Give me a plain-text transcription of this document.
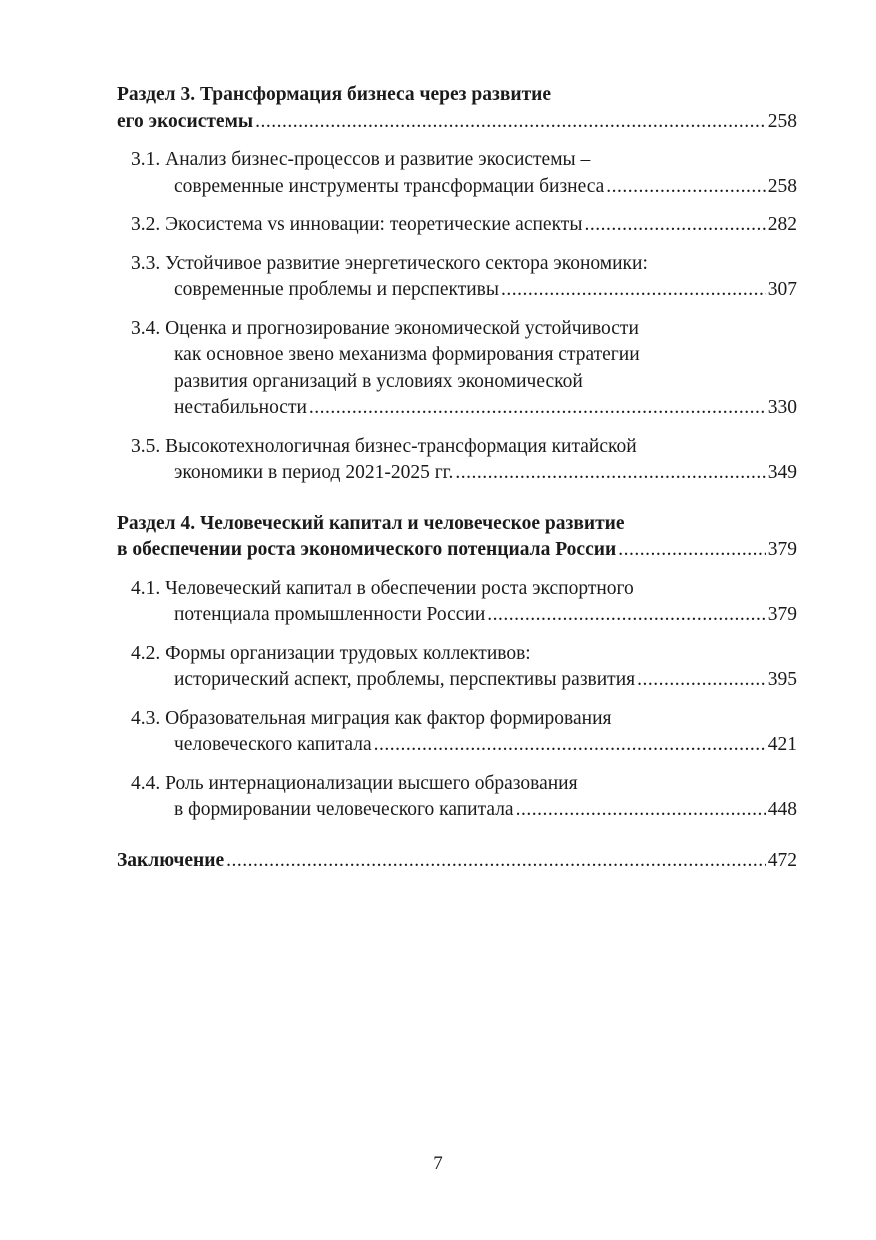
Раздел 3. Трансформация бизнеса через развитие
его экосистемы .....	258
3.1. Анализ бизнес-процессов и развитие экосистемы –
современные инструменты трансформации бизнеса .....	258
3.2. Экосистема vs инновации: теоретические аспекты .....	282
3.3. Устойчивое развитие энергетического сектора экономики:
современные проблемы и перспективы .....	307
3.4. Оценка и прогнозирование экономической устойчивости
как основное звено механизма формирования стратегии
развития организаций в условиях экономической
нестабильности .....	330
3.5. Высокотехнологичная бизнес-трансформация китайской
экономики в период 2021-2025 гг. .....	349
Раздел 4. Человеческий капитал и человеческое развитие
в обеспечении роста экономического потенциала России .....	379
4.1. Человеческий капитал в обеспечении роста экспортного
потенциала промышленности России .....	379
4.2. Формы организации трудовых коллективов:
исторический аспект, проблемы, перспективы развития .....	395
4.3. Образовательная миграция как фактор формирования
человеческого капитала .....	421
4.4. Роль интернационализации высшего образования
в формировании человеческого капитала .....	448
Заключение .....	472
7
